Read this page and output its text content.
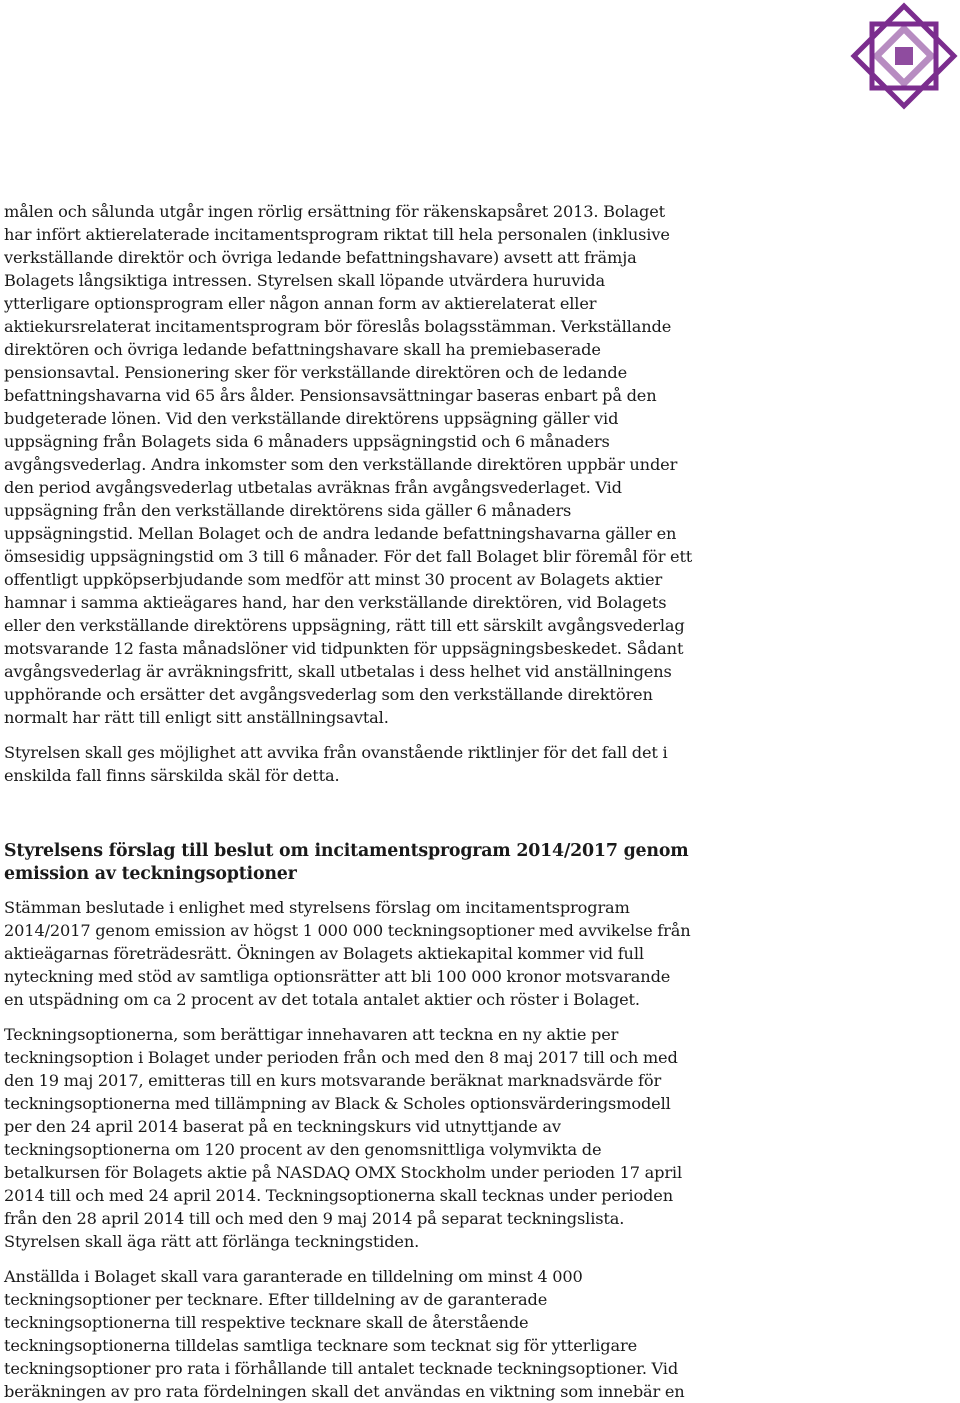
målen och sålunda utgår ingen rörlig ersättning för räkenskapsåret 2013. Bolaget har infört aktierelaterade incitamentsprogram riktat till hela personalen (inklusive verkställande direktör och övriga ledande befattningshavare) avsett att främja Bolagets långsiktiga intressen. Styrelsen skall löpande utvärdera huruvida ytterligare optionsprogram eller någon annan form av aktierelaterat eller aktiekursrelaterat incitamentsprogram bör föreslås bolagsstämman. Verkställande direktören och övriga ledande befattningshavare skall ha premiebaserade pensionsavtal. Pensionering sker för verkställande direktören och de ledande befattningshavarna vid 65 års ålder. Pensionsavsättningar baseras enbart på den budgeterade lönen. Vid den verkställande direktörens uppsägning gäller vid uppsägning från Bolagets sida 6 månaders uppsägningstid och 6 månaders avgångsvederlag. Andra inkomster som den verkställande direktören uppbär under den period avgångsvederlag utbetalas avräknas från avgångsvederlaget. Vid uppsägning från den verkställande direktörens sida gäller 6 månaders uppsägningstid. Mellan Bolaget och de andra ledande befattningshavarna gäller en ömsesidig uppsägningstid om 3 till 6 månader. För det fall Bolaget blir föremål för ett offentligt uppköpserbjudande som medför att minst 30 procent av Bolagets aktier hamnar i samma aktieägares hand, har den verkställande direktören, vid Bolagets eller den verkställande direktörens uppsägning, rätt till ett särskilt avgångsvederlag motsvarande 12 fasta månadslöner vid tidpunkten för uppsägningsbeskedet. Sådant avgångsvederlag är avräkningsfritt, skall utbetalas i dess helhet vid anställningens upphörande och ersätter det avgångsvederlag som den verkställande direktören normalt har rätt till enligt sitt anställningsavtal.

Styrelsen skall ges möjlighet att avvika från ovanstående riktlinjer för det fall det i enskilda fall finns särskilda skäl för detta.

Styrelsens förslag till beslut om incitamentsprogram 2014/2017 genom emission av teckningsoptioner

Stämman beslutade i enlighet med styrelsens förslag om incitamentsprogram 2014/2017 genom emission av högst 1 000 000 teckningsoptioner med avvikelse från aktieägarnas företrädesrätt. Ökningen av Bolagets aktiekapital kommer vid full nyteckning med stöd av samtliga optionsrätter att bli 100 000 kronor motsvarande en utspädning om ca 2 procent av det totala antalet aktier och röster i Bolaget.

Teckningsoptionerna, som berättigar innehavaren att teckna en ny aktie per teckningsoption i Bolaget under perioden från och med den 8 maj 2017 till och med den 19 maj 2017, emitteras till en kurs motsvarande beräknat marknadsvärde för teckningsoptionerna med tillämpning av Black & Scholes optionsvärderingsmodell per den 24 april 2014 baserat på en teckningskurs vid utnyttjande av teckningsoptionerna om 120 procent av den genomsnittliga volymvikta de betalkursen för Bolagets aktie på NASDAQ OMX Stockholm under perioden 17 april 2014 till och med 24 april 2014. Teckningsoptionerna skall tecknas under perioden från den 28 april 2014 till och med den 9 maj 2014 på separat teckningslista. Styrelsen skall äga rätt att förlänga teckningstiden.

Anställda i Bolaget skall vara garanterade en tilldelning om minst 4 000 teckningsoptioner per tecknare. Efter tilldelning av de garanterade teckningsoptionerna till respektive tecknare skall de återstående teckningsoptionerna tilldelas samtliga tecknare som tecknat sig för ytterligare teckningsoptioner pro rata i förhållande till antalet tecknade teckningsoptioner. Vid beräkningen av pro rata fördelningen skall det användas en viktning som innebär en
